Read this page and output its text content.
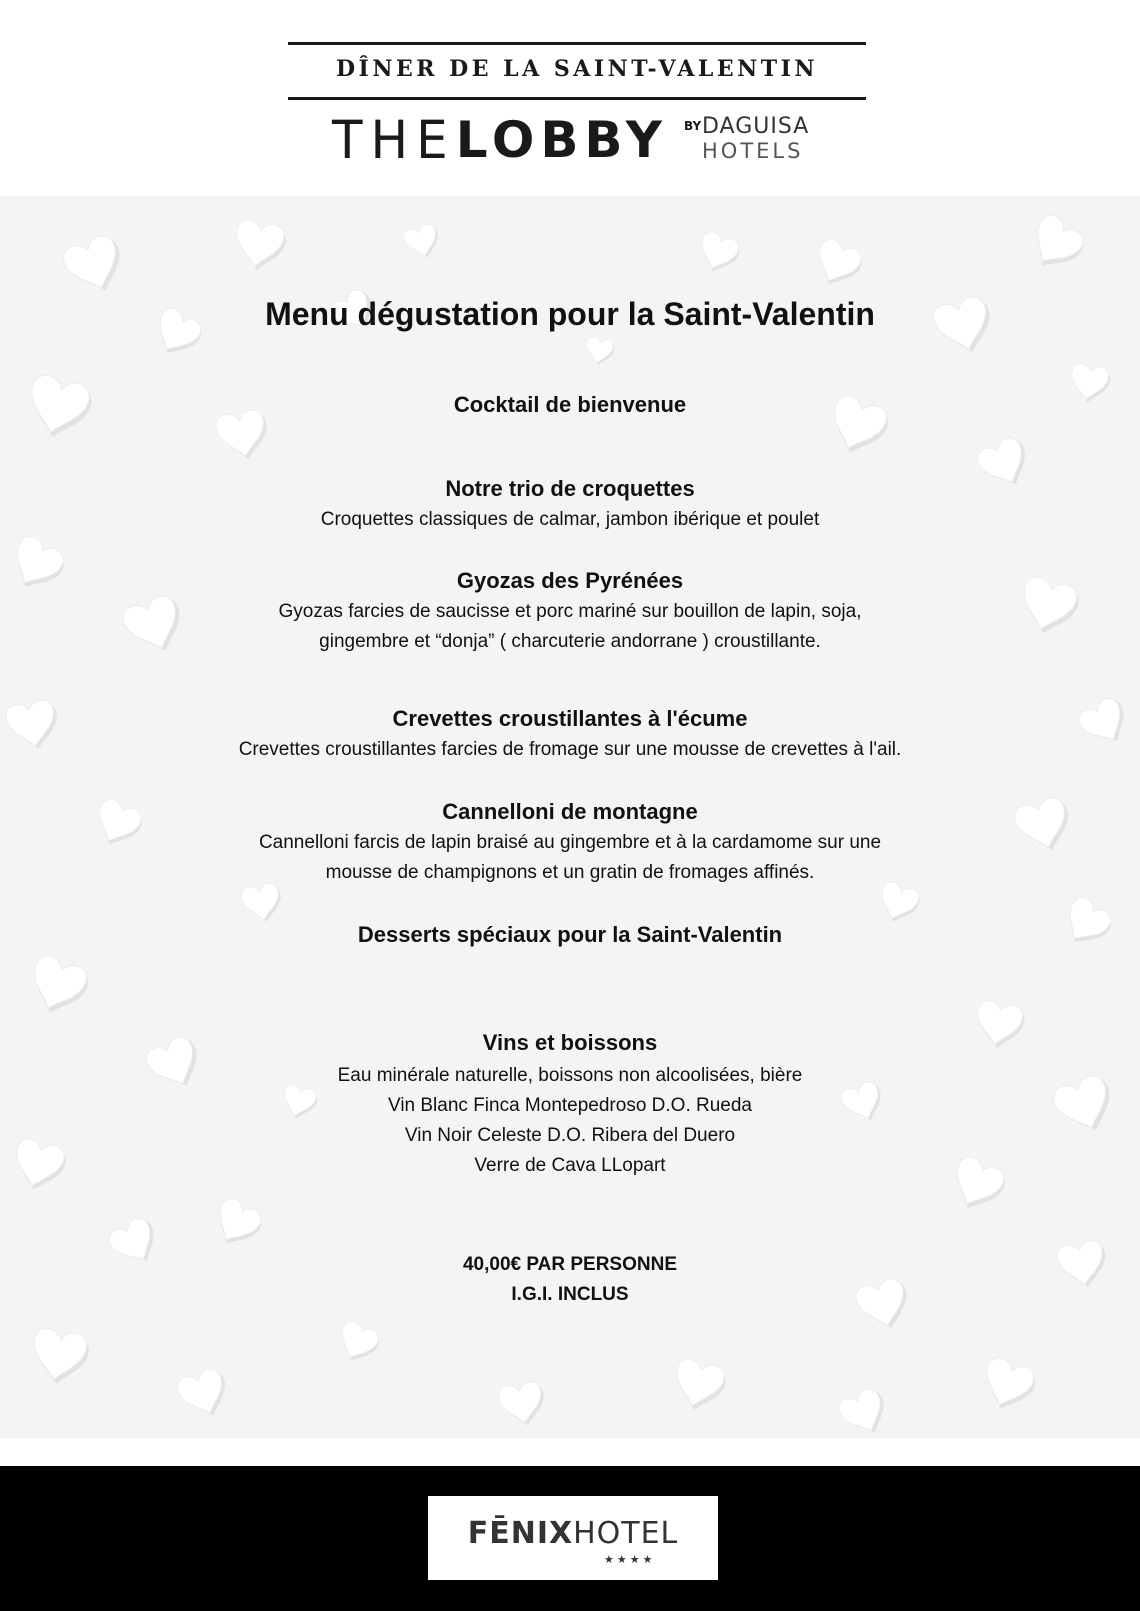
DÎNER DE LA SAINT-VALENTIN
THE LOBBY BY DAGUISA
HOTELS
Menu dégustation pour la Saint-Valentin
Cocktail de bienvenue
Notre trio de croquettes
Croquettes classiques de calmar, jambon ibérique et poulet
Gyozas des Pyrénées
Gyozas farcies de saucisse et porc mariné sur bouillon de lapin, soja,
gingembre et “donja” ( charcuterie andorrane ) croustillante.
Crevettes croustillantes à l'écume
Crevettes croustillantes farcies de fromage sur une mousse de crevettes à l'ail.
Cannelloni de montagne
Cannelloni farcis de lapin braisé au gingembre et à la cardamome sur une
mousse de champignons et un gratin de fromages affinés.
Desserts spéciaux pour la Saint-Valentin
Vins et boissons
Eau minérale naturelle, boissons non alcoolisées, bière
Vin Blanc Finca Montepedroso D.O. Rueda
Vin Noir Celeste D.O. Ribera del Duero
Verre de Cava LLopart
40,00€ PAR PERSONNE
I.G.I. INCLUS
FĒNIXHOTEL
★★★★
